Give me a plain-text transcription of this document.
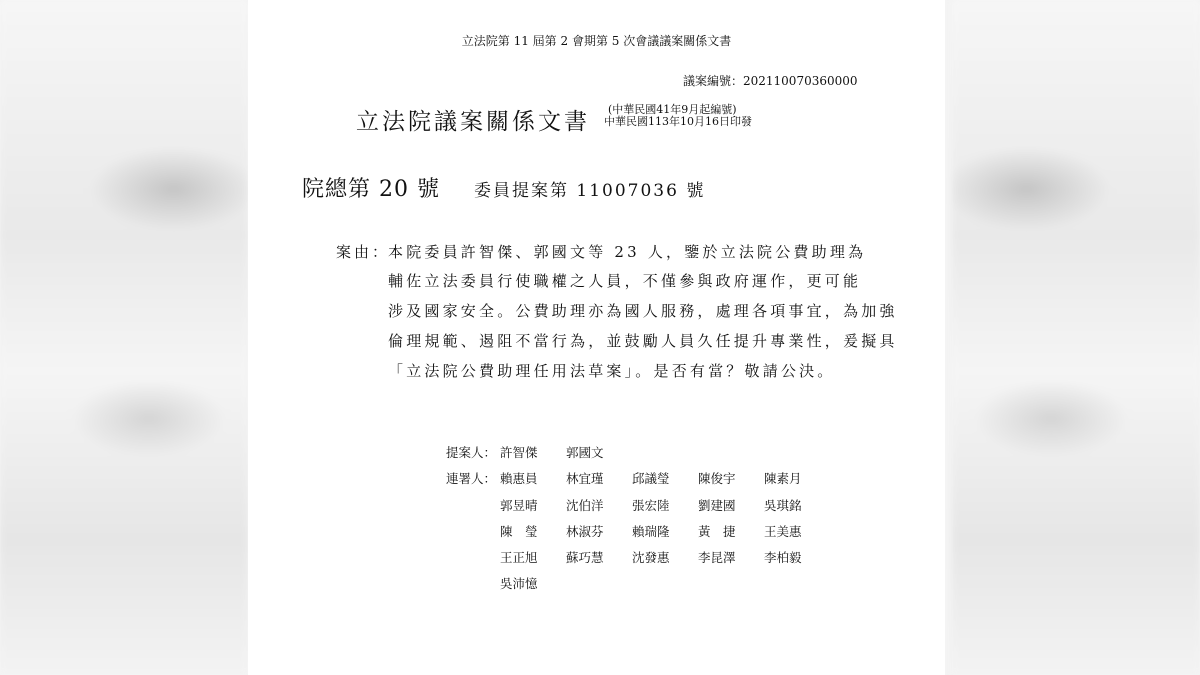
立法院第 11 屆第 2 會期第 5 次會議議案關係文書
議案編號：202110070360000
立法院議案關係文書 (中華民國41年9月起編號)
中華民國113年10月16日印發
院總第 20 號 委員提案第 11007036 號
案由：
本院委員許智傑、郭國文等 23 人，鑒於立法院公費助理為
輔佐立法委員行使職權之人員，不僅參與政府運作，更可能
涉及國家安全。公費助理亦為國人服務，處理各項事宜，為加強
倫理規範、遏阻不當行為，並鼓勵人員久任提升專業性，爰擬具
「立法院公費助理任用法草案」。是否有當？敬請公決。
提案人： 許智傑 郭國文
連署人： 賴惠員 林宜瑾 邱議瑩 陳俊宇 陳素月
郭昱晴 沈伯洋 張宏陸 劉建國 吳琪銘
陳　瑩 林淑芬 賴瑞隆 黃　捷 王美惠
王正旭 蘇巧慧 沈發惠 李昆澤 李柏毅
吳沛憶
